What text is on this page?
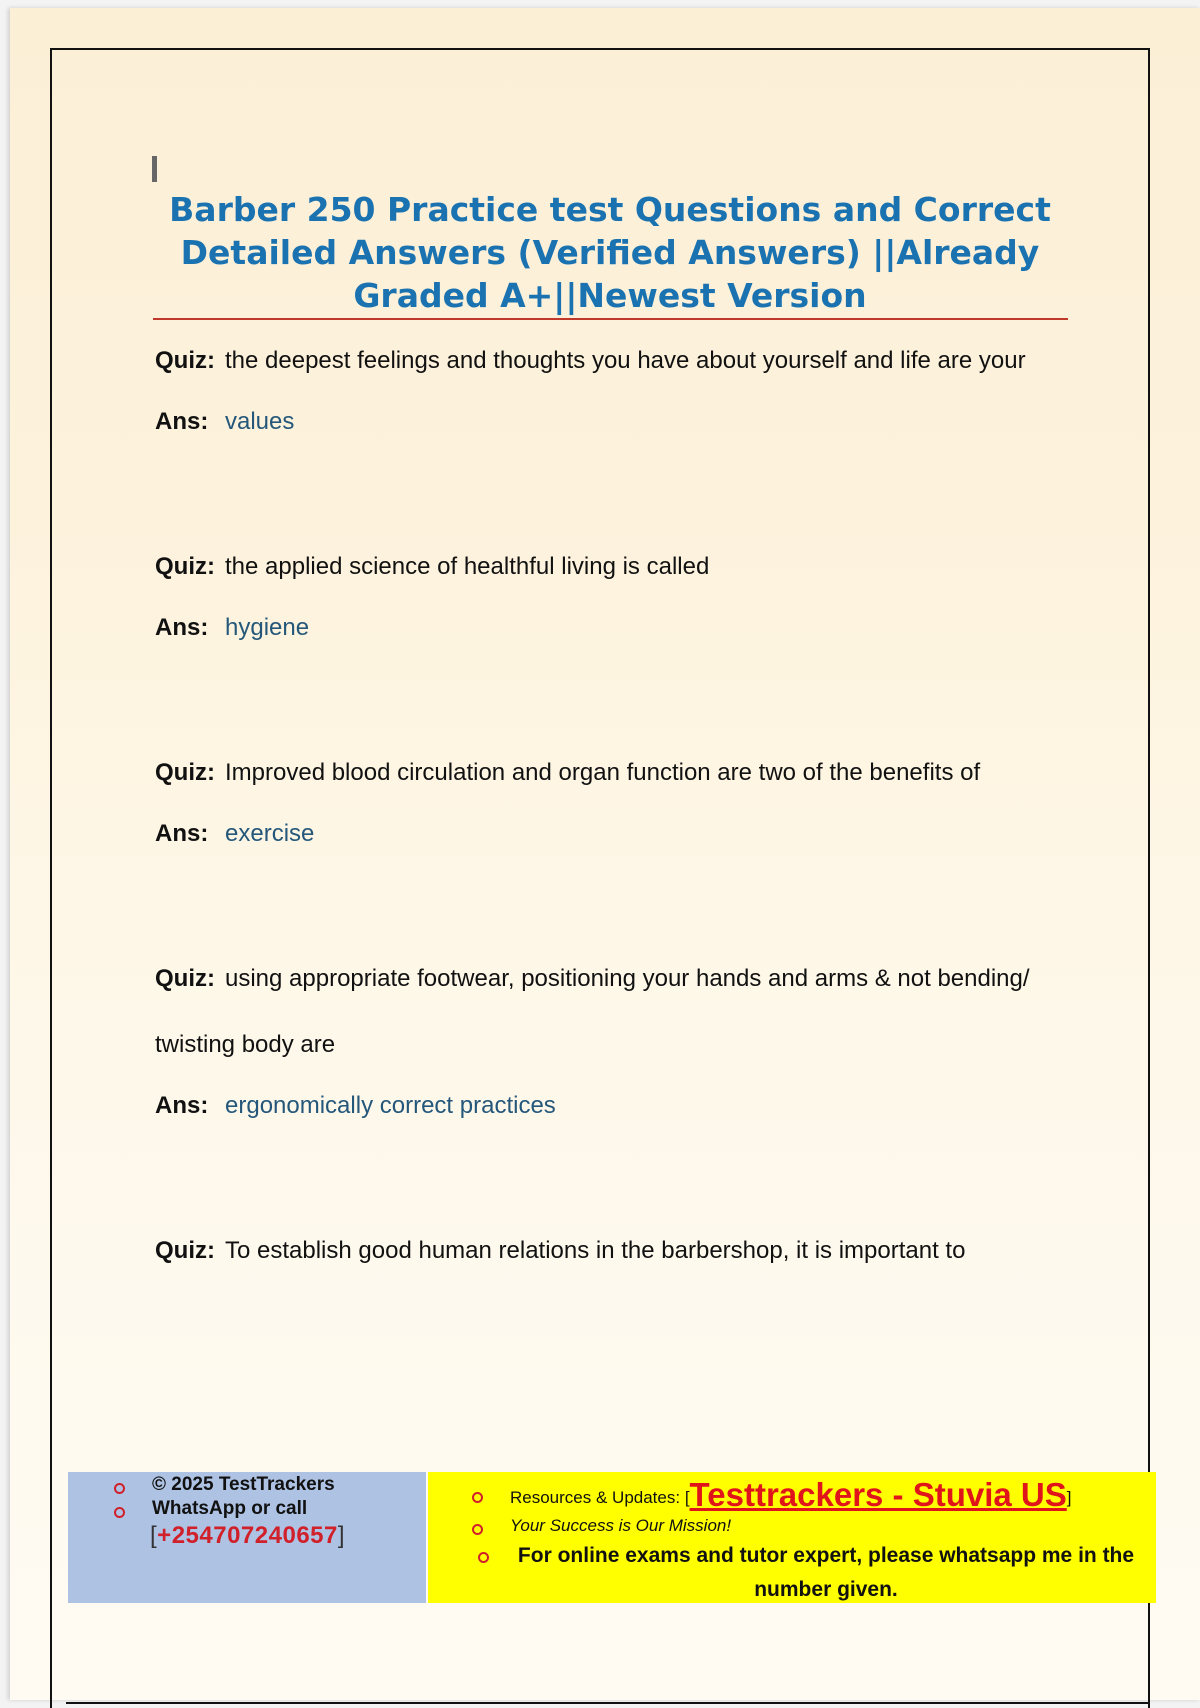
Barber 250 Practice test Questions and Correct Detailed Answers (Verified Answers) ||Already Graded A+||Newest Version

Quiz: the deepest feelings and thoughts you have about yourself and life are your

Ans: values

Quiz: the applied science of healthful living is called

Ans: hygiene

Quiz: Improved blood circulation and organ function are two of the benefits of

Ans: exercise

Quiz: using appropriate footwear, positioning your hands and arms & not bending/ twisting body are

Ans: ergonomically correct practices

Quiz: To establish good human relations in the barbershop, it is important to

© 2025 TestTrackers
WhatsApp or call
[+254707240657]
Resources & Updates: [Testtrackers - Stuvia US]
Your Success is Our Mission!
For online exams and tutor expert, please whatsapp me in the number given.
